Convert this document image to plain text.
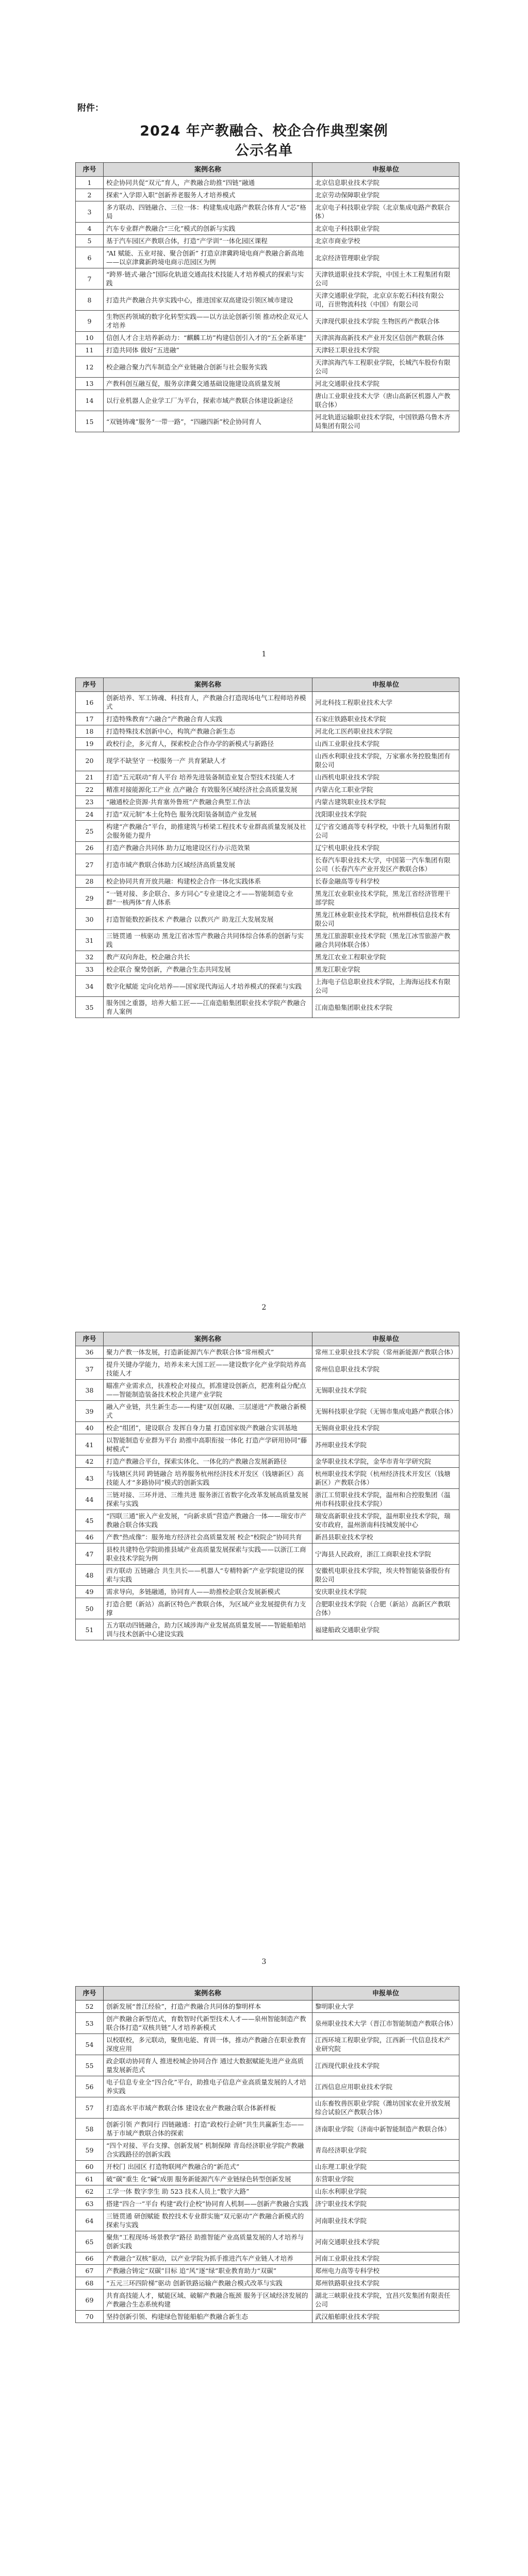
附件：
2024 年产教融合、校企合作典型案例
公示名单
序号	案例名称	申报单位
1	校企协同共促“双元”育人，产教融合助推“四链”融通	北京信息职业技术学院
2	探索“入学即入职”创新养老服务人才培养模式	北京劳动保障职业学院
3	多方联动、四链融合、三位一体：构建集成电路产教联合体育人“芯”格局	北京电子科技职业学院（北京集成电路产教联合体）
4	汽车专业群产教融合“三化”模式的创新与实践	北京电子科技职业学院
5	基于汽车园区产教联合体，打造“产学训”一体化园区课程	北京市商业学校
6	“AI 赋能、五业对接、聚合创新” 打造京津冀跨境电商产教融合新高地——以京津冀新跨境电商示范园区为例	北京经济管理职业学院
7	“跨界·链式·融合”国际化轨道交通高技术技能人才培养模式的探索与实践	天津铁道职业技术学院，中国土木工程集团有限公司
8	打造共产教融合共享实践中心，推进国家双高建设引领区城市建设	天津交通职业学院，北京京东乾石科技有限公司，百世物流科技（中国）有限公司
9	生物医药领域的数字化转型实践——以方法论创新引领 推动校企双元人才培养	天津现代职业技术学院 生物医药产教联合体
10	信创人才合主培养新动力：“麒麟工坊”构建信创引入才的“五全新革建”	天津滨海高新技术产业开发区信创产教联合体
11	打造共同体 做好“五进融”	天津轻工职业技术学院
12	校企融合聚力汽车制造全产业链融合创新与社会服务实践	天津滨海汽车工程职业学院，长城汽车股份有限公司
13	产教科创互融互促，服务京津冀交通基础设施建设高质量发展	河北交通职业技术学院
14	以行业机器人企业学工厂为平台，探索市域产教联合体建设新途径	唐山工业职业技术大学（唐山高新区机器人产教联合体）
15	“双链铸魂”服务“一带一路”，“四融四新”校企协同育人	河北轨道运输职业技术学院，中国铁路乌鲁木齐局集团有限公司
1
序号	案例名称	申报单位
16	创新培养、军工铸魂、科技育人，产教融合打造现场电气工程师培养模式	河北科技工程职业技术大学
17	打造特殊教育“六融合”产教融合育人实践	石家庄铁路职业技术学院
18	打造特殊技术创新中心，构筑产教融合新生态	河北化工医药职业技术学院
19	政校行企，多元育人，探索校企合作办学的新模式与新路径	山西工业职业技术学院
20	现学不缺坚守 一校服务一产 共育紧缺人才	山西水利职业技术学院，万家寨水务控股集团有限公司
21	打造“五元联动”育人平台 培养先进装备制造业复合型技术技能人才	山西机电职业技术学院
22	精准对接能源化工产业 点产融合 有效服务区域经济社会高质量发展	内蒙古化工职业学院
23	“融通校企资源·共育塞外鲁班”产教融合典型工作法	内蒙古建筑职业技术学院
24	打造“双元制”本土化特色 服务沈阳装备制造产业发展	沈阳职业技术学院
25	构建“产教融合”平台，助推建筑与桥梁工程技术专业群高质量发展及社会服务能力提升	辽宁省交通高等专科学校，中铁十九局集团有限公司
26	打造产教融合共同体 助力辽地建设区行办示范效果	辽宁机电职业技术学院
27	打造市域产教联合体助力区域经济高质量发展	长春汽车职业技术大学，中国第一汽车集团有限公司（长春汽车产业开发区产教联合体）
28	校企协同共育开放共融：构建校企合作一体化实践体系	长春金融高等专科学校
29	“一链对接、多企联合、多方同心”专业建设之才——智能制造专业群“一核两体”育人体系	黑龙江农业职业技术学院，黑龙江省经济管理干部学院
30	打造智能数控新技术 产教融合 以教兴产 助龙江大发展发展	黑龙江林业职业技术学院，杭州群核信息技术有限公司
31	三链贯通 一核驱动 黑龙江省冰雪产教融合共同体综合体系的创新与实践	黑龙江旅游职业技术学院（黑龙江冰雪旅游产教融合共同体联合体）
32	教产双向奔赴，校企融合共长	黑龙江农业工程职业学院
33	校企联合 聚势创新，产教融合生态共同发展	黑龙江职业学院
34	数字化赋能 定向化培养——国家现代海运人才培养模式的探索与实践	上海电子信息职业技术学院，上海海运技术有限公司
35	服务国之重器，培养大船工匠——江南造船集团职业技术学院产教融合育人案例	江南造船集团职业技术学院
2
序号	案例名称	申报单位
36	聚力产教一体发展，打造新能源汽车产教联合体“常州模式”	常州工业职业技术学院（常州新能源产教联合体）
37	提升关键办学能力，培养未来大国工匠——建设数字化产业学院培养高技能人才	常州信息职业技术学院
38	瞄准产业需求点，扶准校企对接点，抓准建设创新点，把准利益分配点——智能制造装备技术校企共建产业学院	无锡职业技术学院
39	融入产业链，共生新生态——构建“双创双融、三层递进”产教融合新模式	无锡科技职业学院（无锡市集成电路产教联合体）
40	校企“组团”，建设联合 发挥自身力量 打造国家级产教融合实训基地	无锡商业职业技术学院
41	以智能制造专业群为平台 助推中高职衔接一体化 打造产学研用协同“藤树模式”	苏州职业技术学院
42	打造产教融合平台，探索实体化、一体化的产教融合发展新路径	金华职业技术学院，金华市青年学研究院
43	与钱塘区共同 跨链融合 培养服务杭州经济技术开发区（钱塘新区）高技能人才“多路协同”模式的创新实践	杭州职业技术学院（杭州经济技术开发区（钱塘新区）产教联合体）
44	三链对接、三环并进、三维共进 服务浙江省数字化改革发展高质量发展探索与实践	浙江工贸职业技术学院，温州和合控股集团（温州市科技职业技术学院）
45	“四联三通”嵌入产业发展，“向新求质”营造产教融合一体——瑞安市产教融合联合体实践	瑞安高新职业技术学院，温州职业技术学院，瑞安市政府，温州浙南科技城发展中心
46	产教“热成像”：服务地方经济社会高质量发展 校企“校院企”协同共育	新昌县职业技术学校
47	县校共建特色学院助推县域产业高质量发展探索与实践——以浙江工商职业技术学院为例	宁海县人民政府，浙江工商职业技术学院
48	四方联动 五链融合 共生共长——机器人“专精特新”产业学院建设的探索与实践	安徽机电职业技术学院，埃夫特智能装备股份有限公司
49	需求导向，多链融通，协同育人——助推校企联合发展新模式	安庆职业技术学院
50	打造合肥（新站）高新区特色产教联合体，为区域产业发展提供有力支撑	合肥职业技术学院（合肥（新站）高新区产教联合体）
51	五方联动四链融合，助力区域涉海产业发展高质量发展——智能船舶培训与技术创新中心建设实践	福建船政交通职业学院
3
序号	案例名称	申报单位
52	创新发展“普江经验”，打造产教融合共同体的黎明样本	黎明职业大学
53	创产教融合新型范式，育数智时代新型技术人才——泉州智能制造产教联合体打造“双核共链”人才培养新模式	泉州职业技术大学（晋江市智能制造产教联合体）
54	以校联校，多元联动，聚焦电能、育训一体，推动产教融合在职业教育深度应用	江西环境工程职业学院，江西新一代信息技术产业研究院
55	政企联动协同育人 推进校城企协同合作 通过大数据赋能先进产业高质量发展新范式	江西现代职业技术学院
56	电子信息专业全“四合化”平台，助推电子信息产业高质量发展的人才培养实践	江西信息应用职业技术学院
57	打造高水平市域产教联合体 建设农业产教融合联合体新样板	山东畜牧兽医职业学院（潍坊国家农业开放发展综合试验区产教联合体）
58	创新引领 产教同行 四链融通：打造“政校行企研”共生共赢新生态——基于市域产教联合体的探索	济南职业学院（济南中新智能制造产教联合体）
59	“四个对接、平台支撑、创新发展” 机制保障 青岛经济职业学院产教融合实践路径的创新实践	青岛经济职业学院
60	开校门 出园区 打造物联网产教融合的“新范式”	山东理工职业学院
61	破“碳”重生 化“碱”成朋 服务新能源汽车产业链绿色转型创新发展	东营职业学院
62	工学一体 数字孪生 助 523 技术人员上“数字大路”	山东水利职业学院
63	搭建“四合一”平台 构建“政行企校”协同育人机制——创新产教融合实践	济宁职业技术学院
64	三链贯通 研创赋能 数控技术专业群实施“双元驱动”产教融合新模式的探索与实践	河南职业技术学院
65	聚焦“工程现场·场景教学”路径 助推智能产业高质量发展的人才培养与创新实践	河南交通职业技术学院
66	产教融合“双核”驱动，以产业学院为抓手推进汽车产业链人才培养	河南工业职业技术学院
67	产教融合铸定“双碳”目标 追“风”逐“绿”职业教育助力“双碳”	郑州电力高等专科学校
68	“五元三环四阶梯”驱动 创新铁路运输产教融合模式改革与实践	郑州铁路职业技术学院
69	共育高技能人才，赋能区域、破解产教融合瓶颈 服务于区域经济发展的产教融合生态系统构建	湖北三峡职业技术学院，宜昌兴发集团有限责任公司
70	坚持创新引领、构建绿色智能船舶产教融合新生态	武汉船舶职业技术学院
